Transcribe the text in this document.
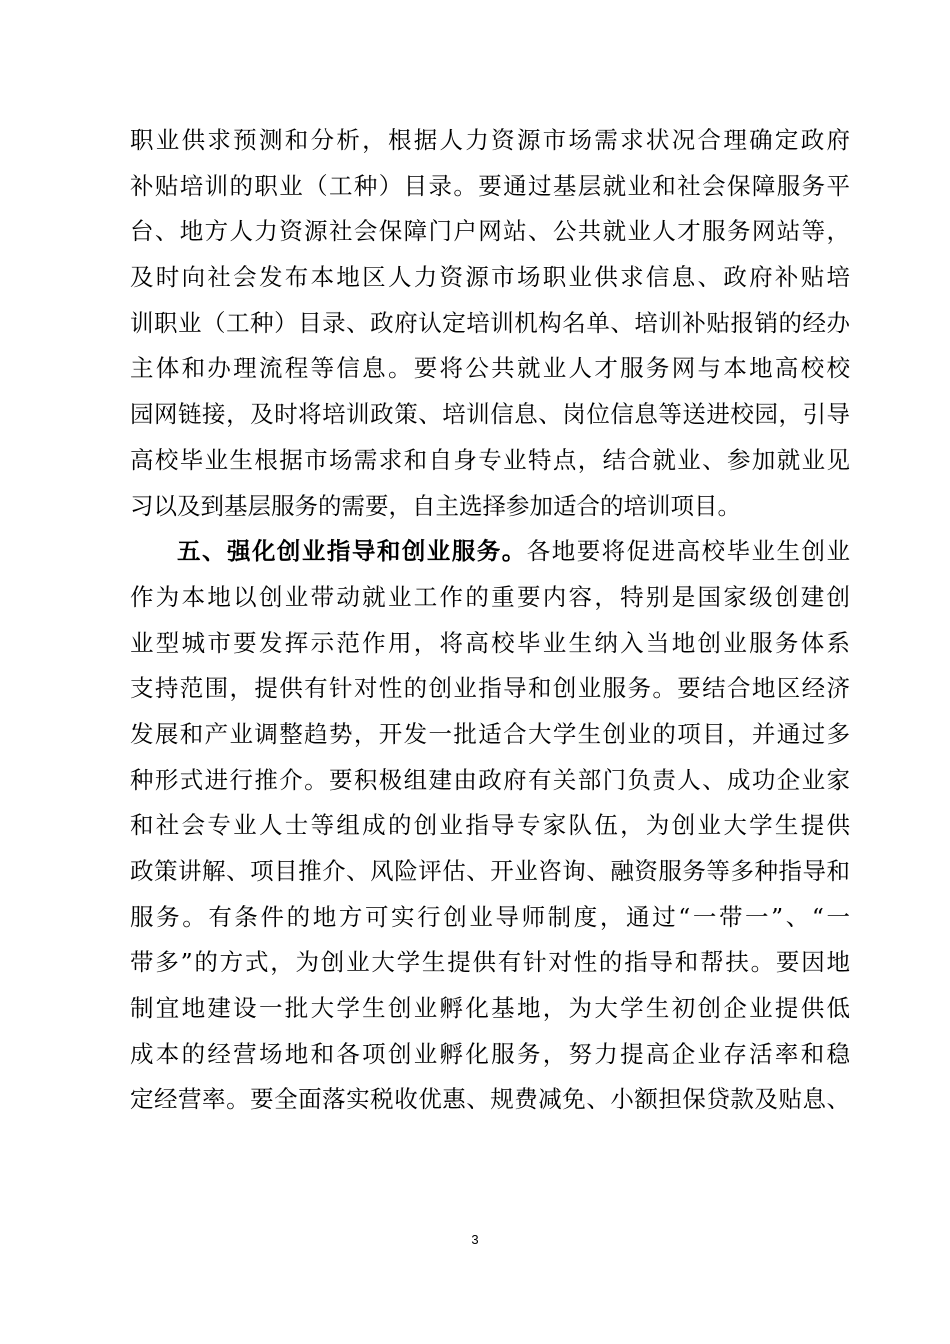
职业供求预测和分析，根据人力资源市场需求状况合理确定政府
补贴培训的职业（工种）目录。要通过基层就业和社会保障服务平
台、地方人力资源社会保障门户网站、公共就业人才服务网站等，
及时向社会发布本地区人力资源市场职业供求信息、政府补贴培
训职业（工种）目录、政府认定培训机构名单、培训补贴报销的经办
主体和办理流程等信息。要将公共就业人才服务网与本地高校校
园网链接，及时将培训政策、培训信息、岗位信息等送进校园，引导
高校毕业生根据市场需求和自身专业特点，结合就业、参加就业见
习以及到基层服务的需要，自主选择参加适合的培训项目。
五、强化创业指导和创业服务。各地要将促进高校毕业生创业
作为本地以创业带动就业工作的重要内容，特别是国家级创建创
业型城市要发挥示范作用，将高校毕业生纳入当地创业服务体系
支持范围，提供有针对性的创业指导和创业服务。要结合地区经济
发展和产业调整趋势，开发一批适合大学生创业的项目，并通过多
种形式进行推介。要积极组建由政府有关部门负责人、成功企业家
和社会专业人士等组成的创业指导专家队伍，为创业大学生提供
政策讲解、项目推介、风险评估、开业咨询、融资服务等多种指导和
服务。有条件的地方可实行创业导师制度，通过“一带一”、“一
带多”的方式，为创业大学生提供有针对性的指导和帮扶。要因地
制宜地建设一批大学生创业孵化基地，为大学生初创企业提供低
成本的经营场地和各项创业孵化服务，努力提高企业存活率和稳
定经营率。要全面落实税收优惠、规费减免、小额担保贷款及贴息、
3
